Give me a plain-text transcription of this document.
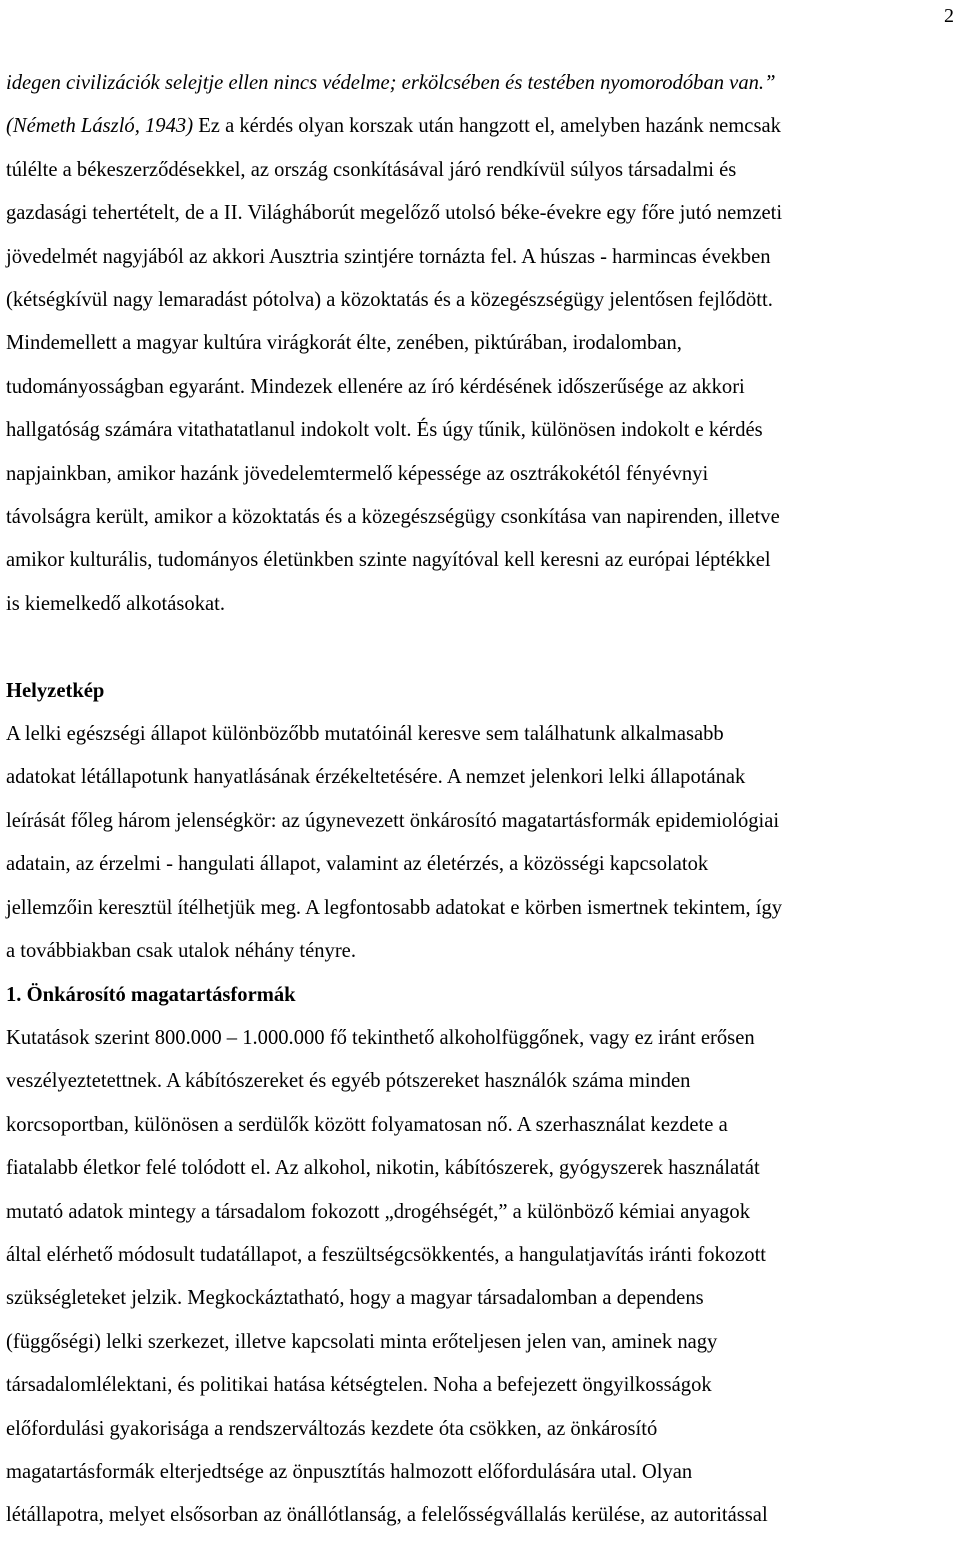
2
idegen civilizációk selejtje ellen nincs védelme; erkölcsében és testében nyomorodóban van.”
(Németh László, 1943) Ez a kérdés olyan korszak után hangzott el, amelyben hazánk nemcsak
túlélte a békeszerződésekkel, az ország csonkításával járó rendkívül súlyos társadalmi és
gazdasági tehertételt, de a II. Világháborút megelőző utolsó béke-évekre egy főre jutó nemzeti
jövedelmét nagyjából az akkori Ausztria szintjére tornázta fel. A húszas - harmincas években
(kétségkívül nagy lemaradást pótolva) a közoktatás és a közegészségügy jelentősen fejlődött.
Mindemellett a magyar kultúra virágkorát élte, zenében, piktúrában, irodalomban,
tudományosságban egyaránt. Mindezek ellenére az író kérdésének időszerűsége az akkori
hallgatóság számára vitathatatlanul indokolt volt. És úgy tűnik, különösen indokolt e kérdés
napjainkban, amikor hazánk jövedelemtermelő képessége az osztrákokétól fényévnyi
távolságra került, amikor a közoktatás és a közegészségügy csonkítása van napirenden, illetve
amikor kulturális, tudományos életünkben szinte nagyítóval kell keresni az európai léptékkel
is kiemelkedő alkotásokat.
Helyzetkép
A lelki egészségi állapot különbözőbb mutatóinál keresve sem találhatunk alkalmasabb
adatokat létállapotunk hanyatlásának érzékeltetésére. A nemzet jelenkori lelki állapotának
leírását főleg három jelenségkör: az úgynevezett önkárosító magatartásformák epidemiológiai
adatain, az érzelmi - hangulati állapot, valamint az életérzés, a közösségi kapcsolatok
jellemzőin keresztül ítélhetjük meg. A legfontosabb adatokat e körben ismertnek tekintem, így
a továbbiakban csak utalok néhány tényre.
1. Önkárosító magatartásformák
Kutatások szerint 800.000 – 1.000.000 fő tekinthető alkoholfüggőnek, vagy ez iránt erősen
veszélyeztetettnek. A kábítószereket és egyéb pótszereket használók száma minden
korcsoportban, különösen a serdülők között folyamatosan nő. A szerhasználat kezdete a
fiatalabb életkor felé tolódott el. Az alkohol, nikotin, kábítószerek, gyógyszerek használatát
mutató adatok mintegy a társadalom fokozott „drogéhségét,” a különböző kémiai anyagok
által elérhető módosult tudatállapot, a feszültségcsökkentés, a hangulatjavítás iránti fokozott
szükségleteket jelzik. Megkockáztatható, hogy a magyar társadalomban a dependens
(függőségi) lelki szerkezet, illetve kapcsolati minta erőteljesen jelen van, aminek nagy
társadalomlélektani, és politikai hatása kétségtelen. Noha a befejezett öngyilkosságok
előfordulási gyakorisága a rendszerváltozás kezdete óta csökken, az önkárosító
magatartásformák elterjedtsége az önpusztítás halmozott előfordulására utal. Olyan
létállapotra, melyet elsősorban az önállótlanság, a felelősségvállalás kerülése, az autoritással
